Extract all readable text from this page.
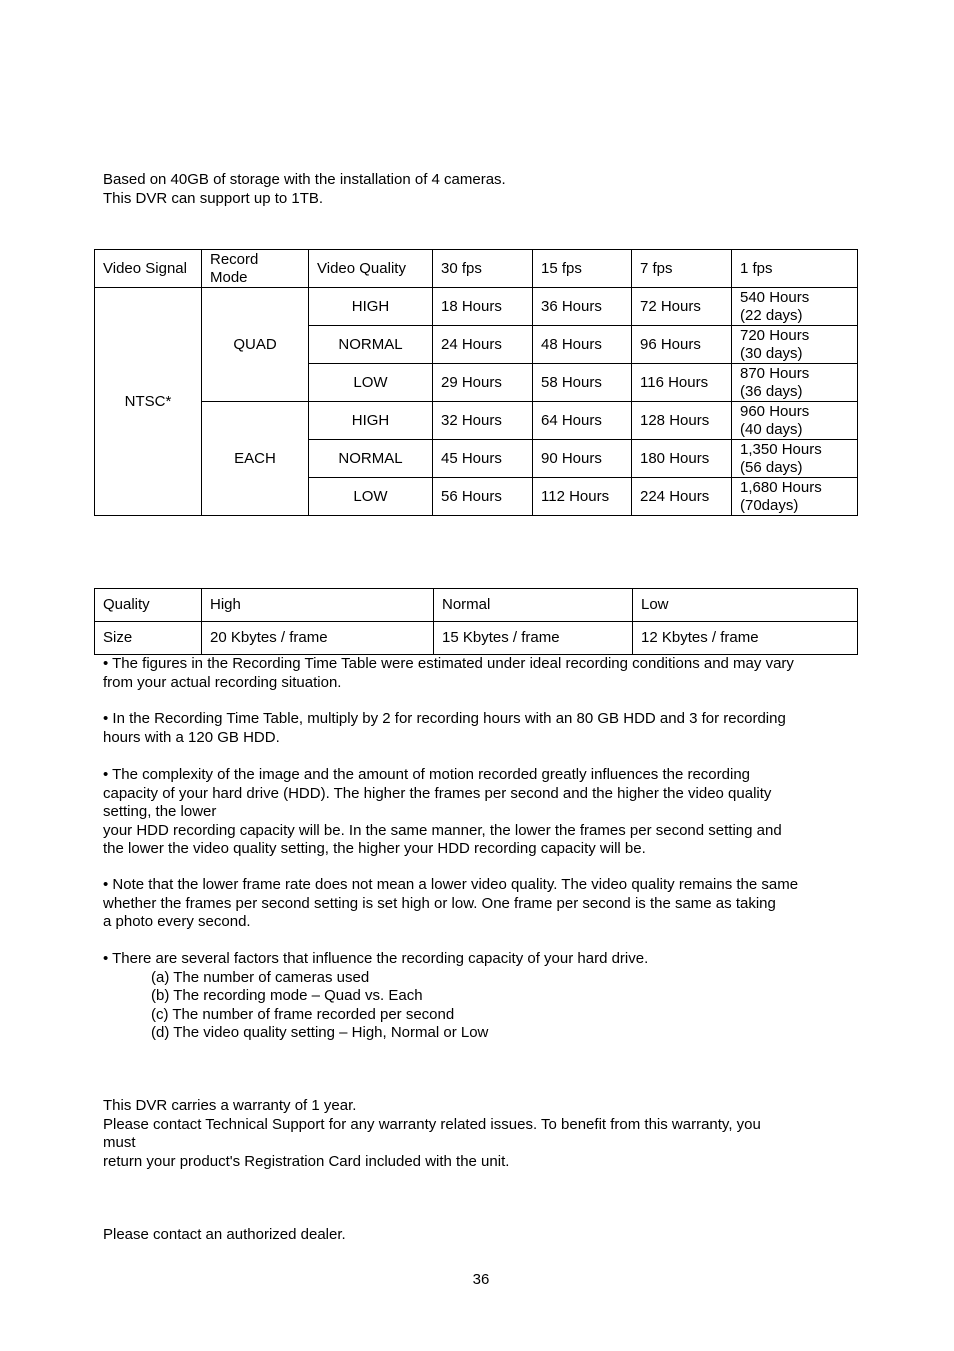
Based on 40GB of storage with the installation of 4 cameras.
This DVR can support up to 1TB.
Video Signal	Record Mode	Video Quality	30 fps	15 fps	7 fps	1 fps
NTSC*	QUAD	HIGH	18 Hours	36 Hours	72 Hours	540 Hours
(22 days)
		NORMAL	24 Hours	48 Hours	96 Hours	720 Hours
(30 days)
		LOW	29 Hours	58 Hours	116 Hours	870 Hours
(36 days)
	EACH	HIGH	32 Hours	64 Hours	128 Hours	960 Hours
(40 days)
		NORMAL	45 Hours	90 Hours	180 Hours	1,350 Hours
(56 days)
		LOW	56 Hours	112 Hours	224 Hours	1,680 Hours
(70days)
Quality	High	Normal	Low
Size	20 Kbytes / frame	15 Kbytes / frame	12 Kbytes / frame
• The figures in the Recording Time Table were estimated under ideal recording conditions and may vary
from your actual recording situation.
• In the Recording Time Table, multiply by 2 for recording hours with an 80 GB HDD and 3 for recording
hours with a 120 GB HDD.
• The complexity of the image and the amount of motion recorded greatly influences the recording
capacity of your hard drive (HDD). The higher the frames per second and the higher the video quality
setting, the lower
your HDD recording capacity will be. In the same manner, the lower the frames per second setting and
the lower the video quality setting, the higher your HDD recording capacity will be.
• Note that the lower frame rate does not mean a lower video quality. The video quality remains the same
whether the frames per second setting is set high or low. One frame per second is the same as taking
a photo every second.
• There are several factors that influence the recording capacity of your hard drive.
(a) The number of cameras used
(b) The recording mode – Quad vs. Each
(c) The number of frame recorded per second
(d) The video quality setting – High, Normal or Low
This DVR carries a warranty of 1 year.
Please contact Technical Support for any warranty related issues. To benefit from this warranty, you
must
return your product's Registration Card included with the unit.
Please contact an authorized dealer.
36
